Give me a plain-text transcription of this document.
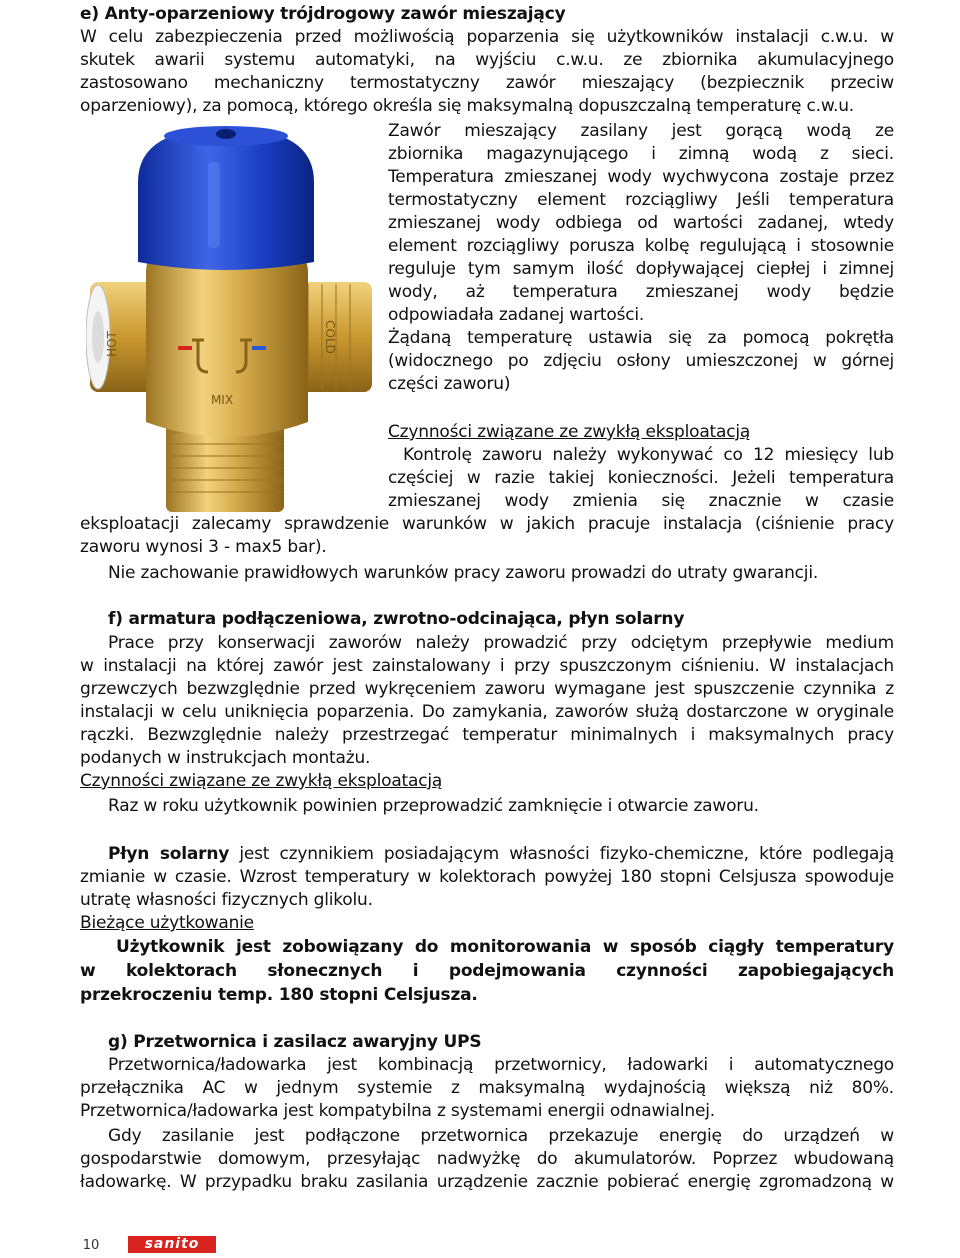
e) Anty-oparzeniowy trójdrogowy zawór mieszający
W celu zabezpieczenia przed możliwością poparzenia się użytkowników instalacji c.w.u. w
skutek awarii systemu automatyki, na wyjściu c.w.u. ze zbiornika akumulacyjnego
zastosowano mechaniczny termostatyczny zawór mieszający (bezpiecznik przeciw
oparzeniowy), za pomocą, którego określa się maksymalną dopuszczalną temperaturę c.w.u.
HOT	COLD
MIX
Zawór mieszający zasilany jest gorącą wodą ze
zbiornika magazynującego i zimną wodą z sieci.
Temperatura zmieszanej wody wychwycona zostaje przez
termostatyczny element rozciągliwy Jeśli temperatura
zmieszanej wody odbiega od wartości zadanej, wtedy
element rozciągliwy porusza kolbę regulującą i stosownie
reguluje tym samym ilość dopływającej ciepłej i zimnej
wody, aż temperatura zmieszanej wody będzie
odpowiadała zadanej wartości.
Żądaną temperaturę ustawia się za pomocą pokrętła
(widocznego po zdjęciu osłony umieszczonej w górnej
części zaworu)
Czynności związane ze zwykłą eksploatacją
Kontrolę zaworu należy wykonywać co 12 miesięcy lub
częściej w razie takiej konieczności. Jeżeli temperatura
zmieszanej wody zmienia się znacznie w czasie
eksploatacji zalecamy sprawdzenie warunków w jakich pracuje instalacja (ciśnienie pracy
zaworu wynosi 3 - max5 bar).
Nie zachowanie prawidłowych warunków pracy zaworu prowadzi do utraty gwarancji.
f) armatura podłączeniowa, zwrotno-odcinająca, płyn solarny
Prace przy konserwacji zaworów należy prowadzić przy odciętym przepływie medium
w instalacji na której zawór jest zainstalowany i przy spuszczonym ciśnieniu. W instalacjach
grzewczych bezwzględnie przed wykręceniem zaworu wymagane jest spuszczenie czynnika z
instalacji w celu uniknięcia poparzenia. Do zamykania, zaworów służą dostarczone w oryginale
rączki. Bezwzględnie należy przestrzegać temperatur minimalnych i maksymalnych pracy
podanych w instrukcjach montażu.
Czynności związane ze zwykłą eksploatacją
Raz w roku użytkownik powinien przeprowadzić zamknięcie i otwarcie zaworu.
Płyn solarny jest czynnikiem posiadającym własności fizyko-chemiczne, które podlegają
zmianie w czasie. Wzrost temperatury w kolektorach powyżej 180 stopni Celsjusza spowoduje
utratę własności fizycznych glikolu.
Bieżące użytkowanie
Użytkownik jest zobowiązany do monitorowania w sposób ciągły temperatury
w kolektorach słonecznych i podejmowania czynności zapobiegających
przekroczeniu temp. 180 stopni Celsjusza.
g) Przetwornica i zasilacz awaryjny UPS
Przetwornica/ładowarka jest kombinacją przetwornicy, ładowarki i automatycznego
przełącznika AC w jednym systemie z maksymalną wydajnością większą niż 80%.
Przetwornica/ładowarka jest kompatybilna z systemami energii odnawialnej.
Gdy zasilanie jest podłączone przetwornica przekazuje energię do urządzeń w
gospodarstwie domowym, przesyłając nadwyżkę do akumulatorów. Poprzez wbudowaną
ładowarkę. W przypadku braku zasilania urządzenie zacznie pobierać energię zgromadzoną w
10	sanito
